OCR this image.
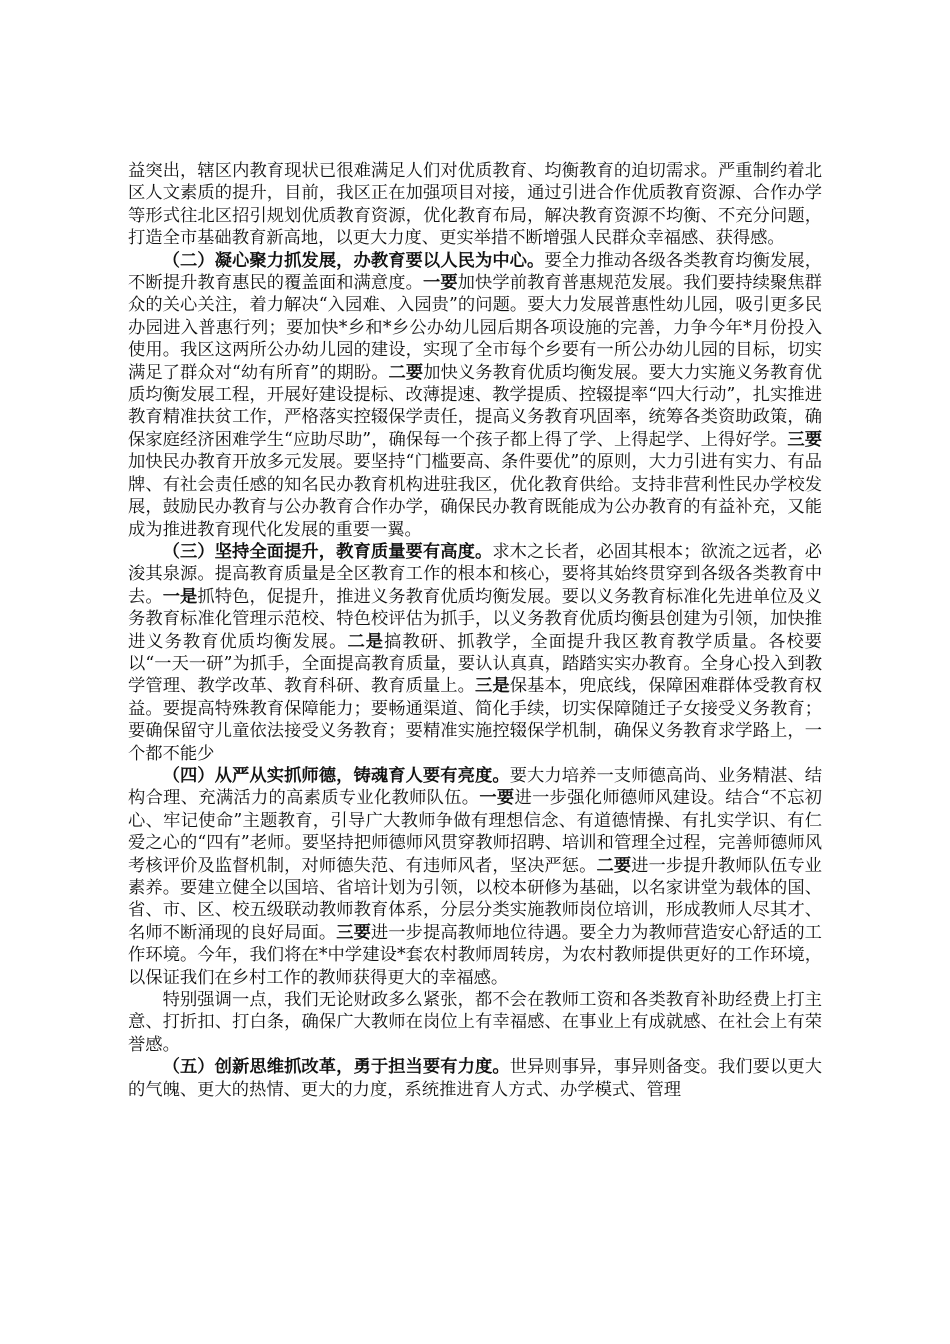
益突出，辖区内教育现状已很难满足人们对优质教育、均衡教育的迫切需求。严重制约着北区人文素质的提升，目前，我区正在加强项目对接，通过引进合作优质教育资源、合作办学等形式往北区招引规划优质教育资源，优化教育布局，解决教育资源不均衡、不充分问题，打造全市基础教育新高地，以更大力度、更实举措不断增强人民群众幸福感、获得感。

（二）凝心聚力抓发展，办教育要以人民为中心。要全力推动各级各类教育均衡发展，不断提升教育惠民的覆盖面和满意度。一要加快学前教育普惠规范发展。我们要持续聚焦群众的关心关注，着力解决“入园难、入园贵”的问题。要大力发展普惠性幼儿园，吸引更多民办园进入普惠行列；要加快*乡和*乡公办幼儿园后期各项设施的完善，力争今年*月份投入使用。我区这两所公办幼儿园的建设，实现了全市每个乡要有一所公办幼儿园的目标，切实满足了群众对“幼有所育”的期盼。二要加快义务教育优质均衡发展。要大力实施义务教育优质均衡发展工程，开展好建设提标、改薄提速、教学提质、控辍提率“四大行动”，扎实推进教育精准扶贫工作，严格落实控辍保学责任，提高义务教育巩固率，统筹各类资助政策，确保家庭经济困难学生“应助尽助”，确保每一个孩子都上得了学、上得起学、上得好学。三要加快民办教育开放多元发展。要坚持“门槛要高、条件要优”的原则，大力引进有实力、有品牌、有社会责任感的知名民办教育机构进驻我区，优化教育供给。支持非营利性民办学校发展，鼓励民办教育与公办教育合作办学，确保民办教育既能成为公办教育的有益补充，又能成为推进教育现代化发展的重要一翼。

（三）坚持全面提升，教育质量要有高度。求木之长者，必固其根本；欲流之远者，必浚其泉源。提高教育质量是全区教育工作的根本和核心，要将其始终贯穿到各级各类教育中去。一是抓特色，促提升，推进义务教育优质均衡发展。要以义务教育标准化先进单位及义务教育标准化管理示范校、特色校评估为抓手，以义务教育优质均衡县创建为引领，加快推进义务教育优质均衡发展。二是搞教研、抓教学，全面提升我区教育教学质量。各校要以“一天一研”为抓手，全面提高教育质量，要认认真真，踏踏实实办教育。全身心投入到教学管理、教学改革、教育科研、教育质量上。三是保基本，兜底线，保障困难群体受教育权益。要提高特殊教育保障能力；要畅通渠道、简化手续，切实保障随迁子女接受义务教育；要确保留守儿童依法接受义务教育；要精准实施控辍保学机制，确保义务教育求学路上，一个都不能少

（四）从严从实抓师德，铸魂育人要有亮度。要大力培养一支师德高尚、业务精湛、结构合理、充满活力的高素质专业化教师队伍。一要进一步强化师德师风建设。结合“不忘初心、牢记使命”主题教育，引导广大教师争做有理想信念、有道德情操、有扎实学识、有仁爱之心的“四有”老师。要坚持把师德师风贯穿教师招聘、培训和管理全过程，完善师德师风考核评价及监督机制，对师德失范、有违师风者，坚决严惩。二要进一步提升教师队伍专业素养。要建立健全以国培、省培计划为引领，以校本研修为基础，以名家讲堂为载体的国、省、市、区、校五级联动教师教育体系，分层分类实施教师岗位培训，形成教师人尽其才、名师不断涌现的良好局面。三要进一步提高教师地位待遇。要全力为教师营造安心舒适的工作环境。今年，我们将在*中学建设*套农村教师周转房，为农村教师提供更好的工作环境，以保证我们在乡村工作的教师获得更大的幸福感。

特别强调一点，我们无论财政多么紧张，都不会在教师工资和各类教育补助经费上打主意、打折扣、打白条，确保广大教师在岗位上有幸福感、在事业上有成就感、在社会上有荣誉感。

（五）创新思维抓改革，勇于担当要有力度。世异则事异，事异则备变。我们要以更大的气魄、更大的热情、更大的力度，系统推进育人方式、办学模式、管理
